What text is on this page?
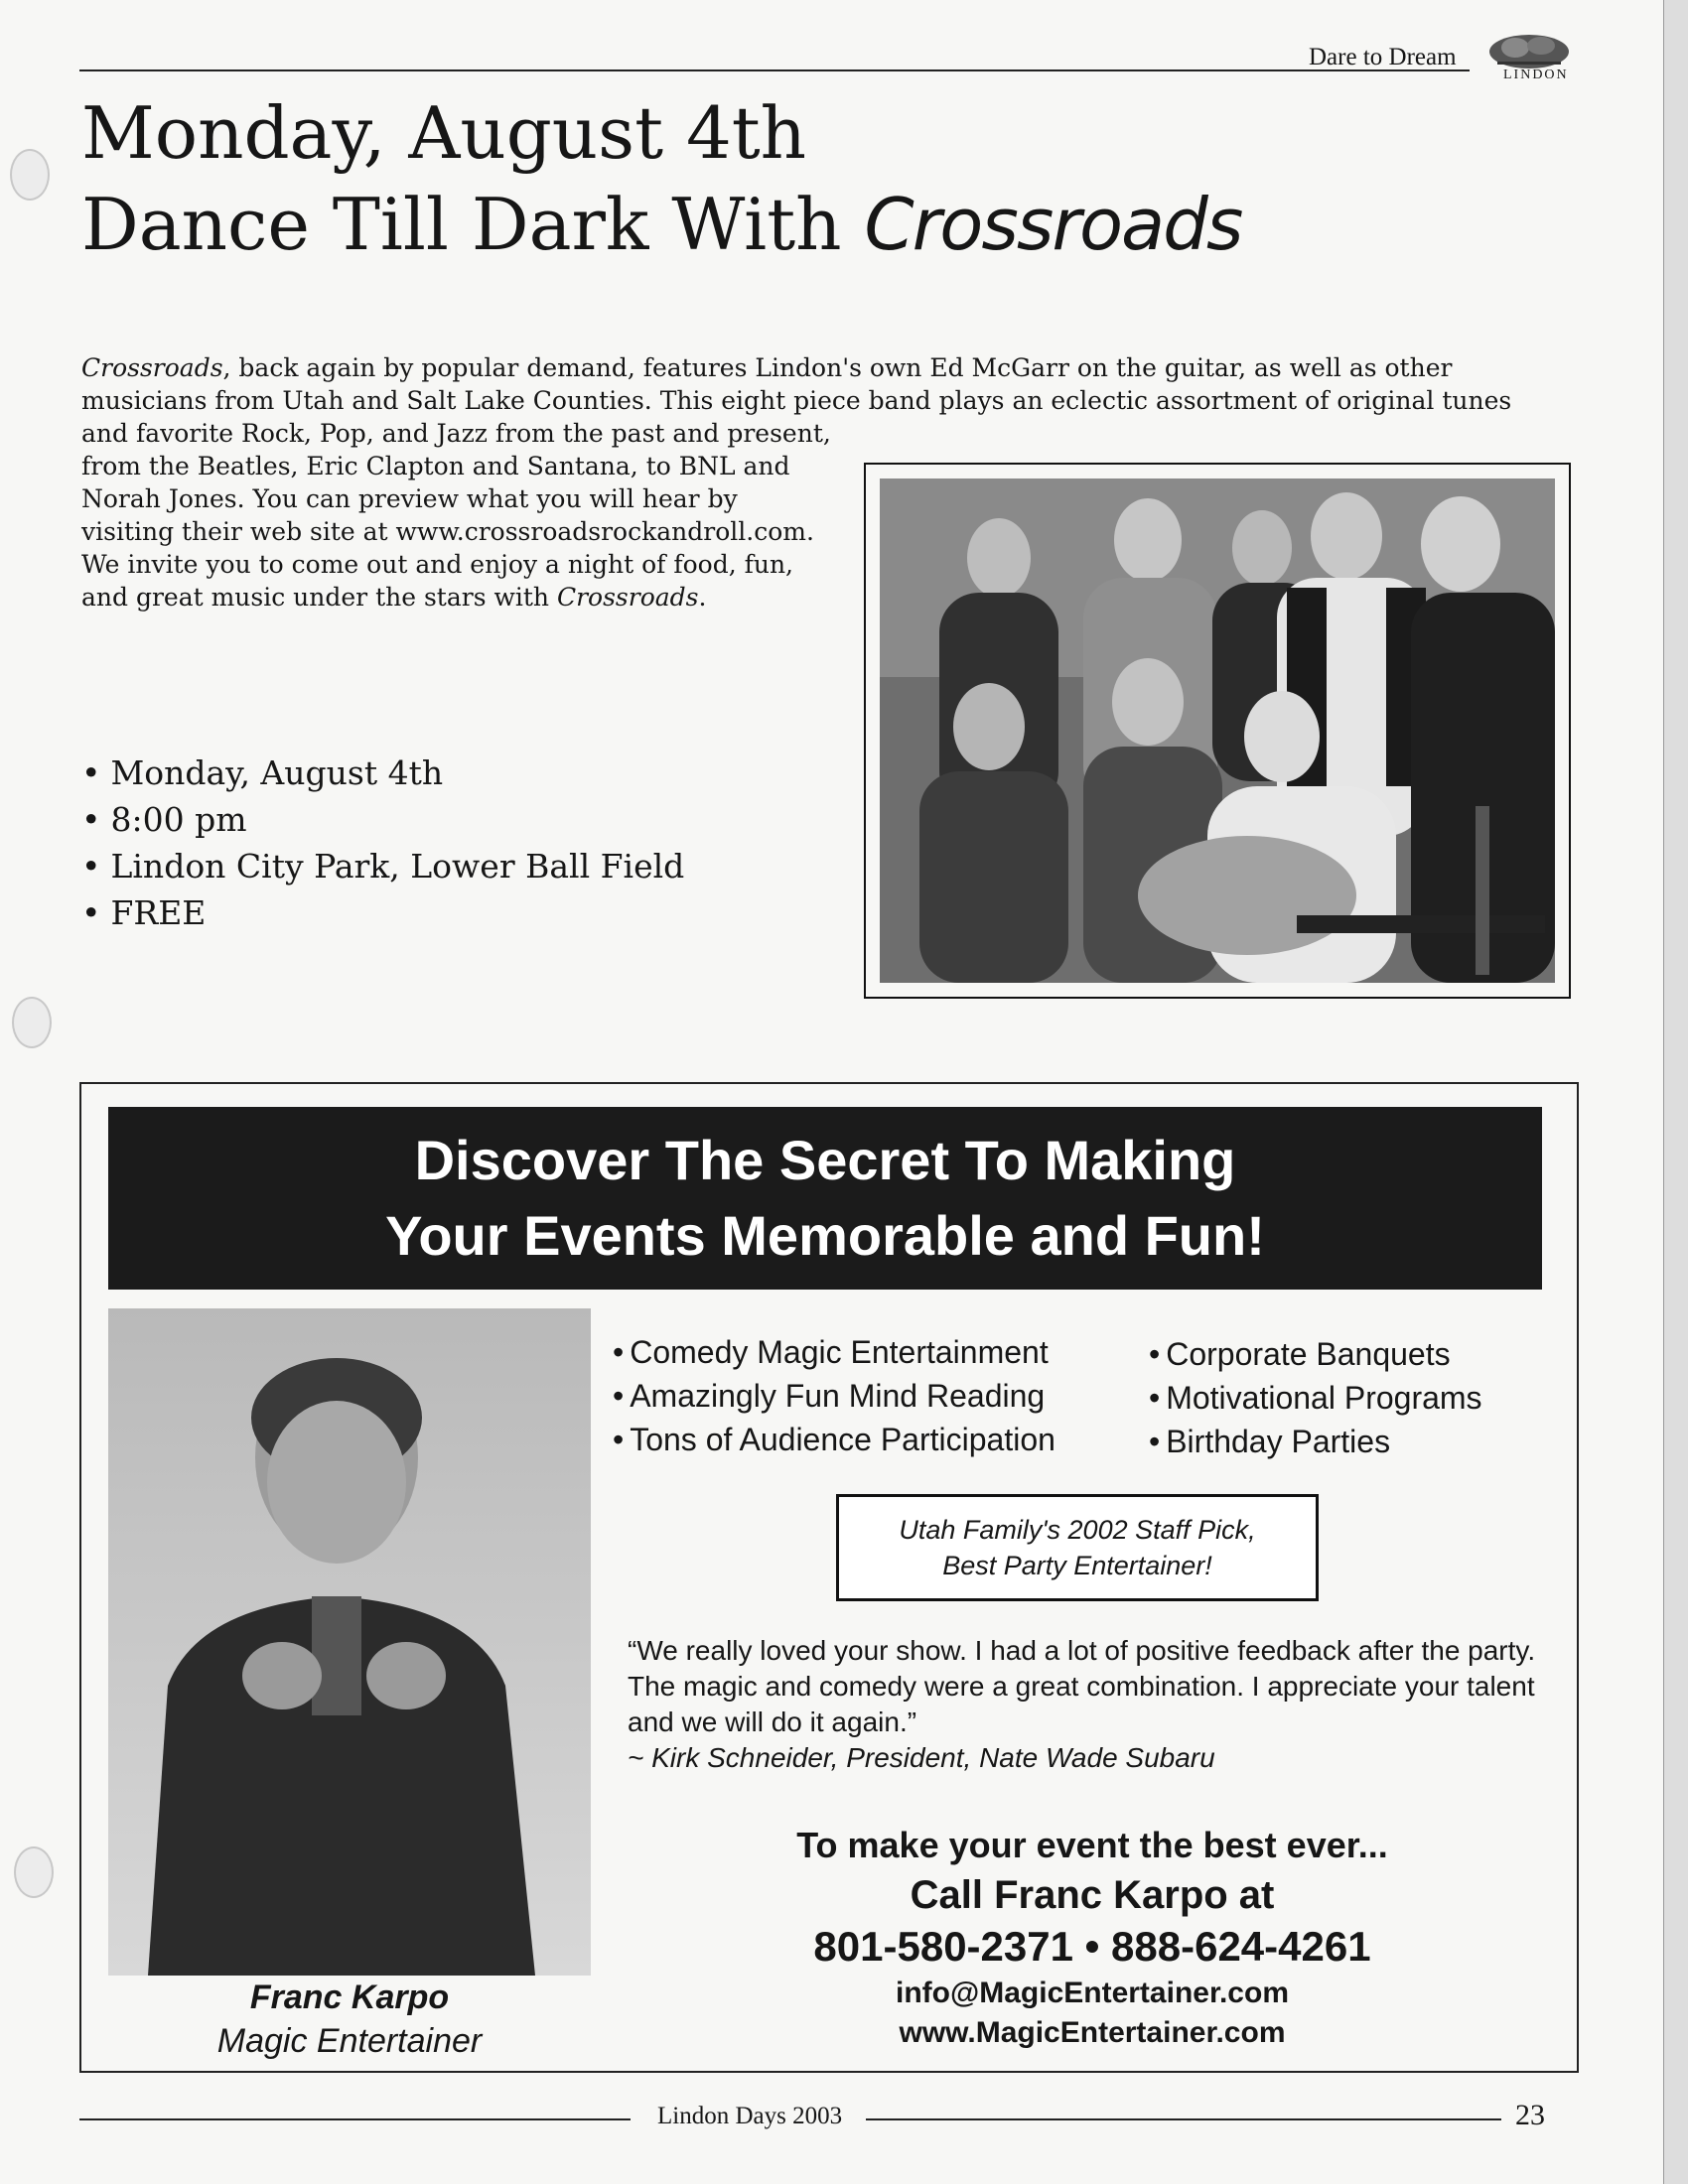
Dare to Dream
LINDON
Monday, August 4th
Dance Till Dark With Crossroads
Crossroads, back again by popular demand, features Lindon's own Ed McGarr on the guitar, as well as other musicians from Utah and Salt Lake Counties. This eight piece band plays an eclectic assortment of original tunes
and favorite Rock, Pop, and Jazz from the past and present, from the Beatles, Eric Clapton and Santana, to BNL and Norah Jones. You can preview what you will hear by visiting their web site at www.crossroadsrockandroll.com. We invite you to come out and enjoy a night of food, fun, and great music under the stars with Crossroads.
• Monday, August 4th
• 8:00 pm
• Lindon City Park, Lower Ball Field
• FREE
Discover The Secret To Making
Your Events Memorable and Fun!
Franc Karpo
Magic Entertainer
• Comedy Magic Entertainment
• Amazingly Fun Mind Reading
• Tons of Audience Participation
• Corporate Banquets
• Motivational Programs
• Birthday Parties
Utah Family's 2002 Staff Pick,
Best Party Entertainer!
“We really loved your show. I had a lot of positive feedback after the party. The magic and comedy were a great combination. I appreciate your talent and we will do it again.”
~ Kirk Schneider, President, Nate Wade Subaru
To make your event the best ever...
Call Franc Karpo at
801-580-2371 • 888-624-4261
info@MagicEntertainer.com
www.MagicEntertainer.com
Lindon Days 2003	23
